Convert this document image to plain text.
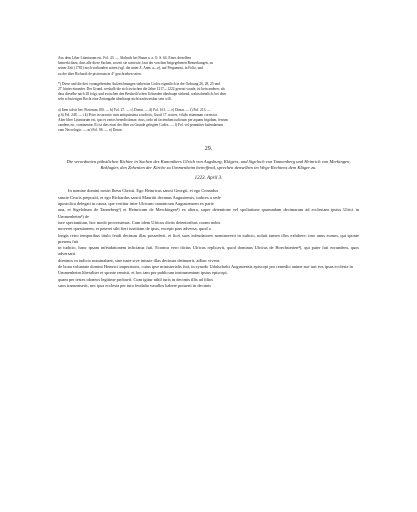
Aus dem Liber Litaniarum etc. Fol. 43. — Abdruck bei Braun a. a. O. S. 64. Eines derselben
bemerkt dazu, dass alle diese Sachen, soweit sie sonstwie, laut der von ihm beigegebenen Bemerkungen, zu
seiner Zeit (1781) noch vorhanden wären (vgl. die unter Z. Anm. a—e), auf Pergament, in Folio, und
zu der über Richardi de pistrorum in 4° geschrieben seien.
*) Diese und die drei vorangehenden Aufzeichnungen stehen im Codex eigentlich in der Ordnung 26, 28, 25 und
27. hinter einander. Der Grund, weshalb die sich zwischen die Jahre 1217—1222 gesetzt wurde, ist kein anderer, als
dass dieselbe nach 28 folgt, und zwischen den Bestheilt'schen Urkunden überhaupt stehend, wahrscheinlich, bei dem
sehr schwierigen Recht eine Zeitangabe überhaupt nicht nachweisbar sein will.
a) Item solvit bei: Piziorum 100. — b) Fol. 27. — c) Donat. — d) Fol. 161. — e) Donat. — f) Fol. 213. —
g h) Fol. 248. — i k) Prior in sacrario cum antiquissima a iudiciis, Guoif 17. noters, vilulis etiamnum corrector.
Alter liber Lytaniarum est, quo et varios benedictionae, ritus, ordo ad faciendum iudicium per aquam frigidam, ferrum
candens etc. continentur. Et ist dies eiust der liber zu Grunde gelegten Codex. — l) Fol. vel promittier kalendarium
cum Necrologio. — m) Fol. 86. — n) Donat.
29.
Die verordneten päbstlichen Richter in Sachen des Kanonikers Ulrich von Augsburg, Klägers, und Sigeloch von Tannenberg und Heinrich von Merkingen, Beklagter, den Zehenten der Kirche zu Ummenheim betreffend, sprechen denselben im Wege Rechtens dem Kläger zu.
1223. April 3.
In nomine domini nostri Ihesu Christi. Ego Heinricus sancti Georgii, et ego Conradus
sancte Crucis prepositi, et ego Richardus sancti Mauritii decanus Augustensis, iudices a sede
apostolica delegati in causa, que vertitur inter Ulricum canonicum Augustensem ex parte
una, et Sigelohum de Tanneberg¹) et Heinricum de Merckingen²) ex altera, super detentione vel spoliatione quarundam decimarum ad ecclesiam ipsius Ulrici in Ummenheim³) de
iure spectantium, hoc modo processimus. Cum idem Ulricus dictis detentoribus coram nobis
moveret questionem, et peteret sibi fieri iustitiam de ipsis, excepit pars adversa, quod a
longis retro temporibus titulo feudi decimas illas possederit, et licet suos infeudatores nominaverit in iudicio, noluit tamen illos exhibere; imo unus eorum, qui sponte presens fuit
in iudicio, hanc ipsam infeudationem inficiatus fuit. Econtra vero dictus Ulricus replicavit, quod dominus Ulricus de Hoechstetten⁴), qui pater fuit eorundem, quos adversarii
dominos in iudicio nominabant, sine iuste sive iniuste illas decimas detinuerit, adhuc vivens
de bona voluntate domini Heinrici imperatoris, cuius ipse ministerialis fuit, in synodo Udalschalci Augustensis episcopi pro remedio anime sue iuri eos ipsas ecclesie in
Ummenheim liberaliter et sponte remisit, et hoc tam per publicum instrumentum ipsius episcopi,
quam per testes idoneos legitime probavit. Cum igitur nihil iuris in decimis illis ad filios
suos transmiserit, nec ipsa ecclesia per iura feodalia vasallos habere potuerit in decimis
